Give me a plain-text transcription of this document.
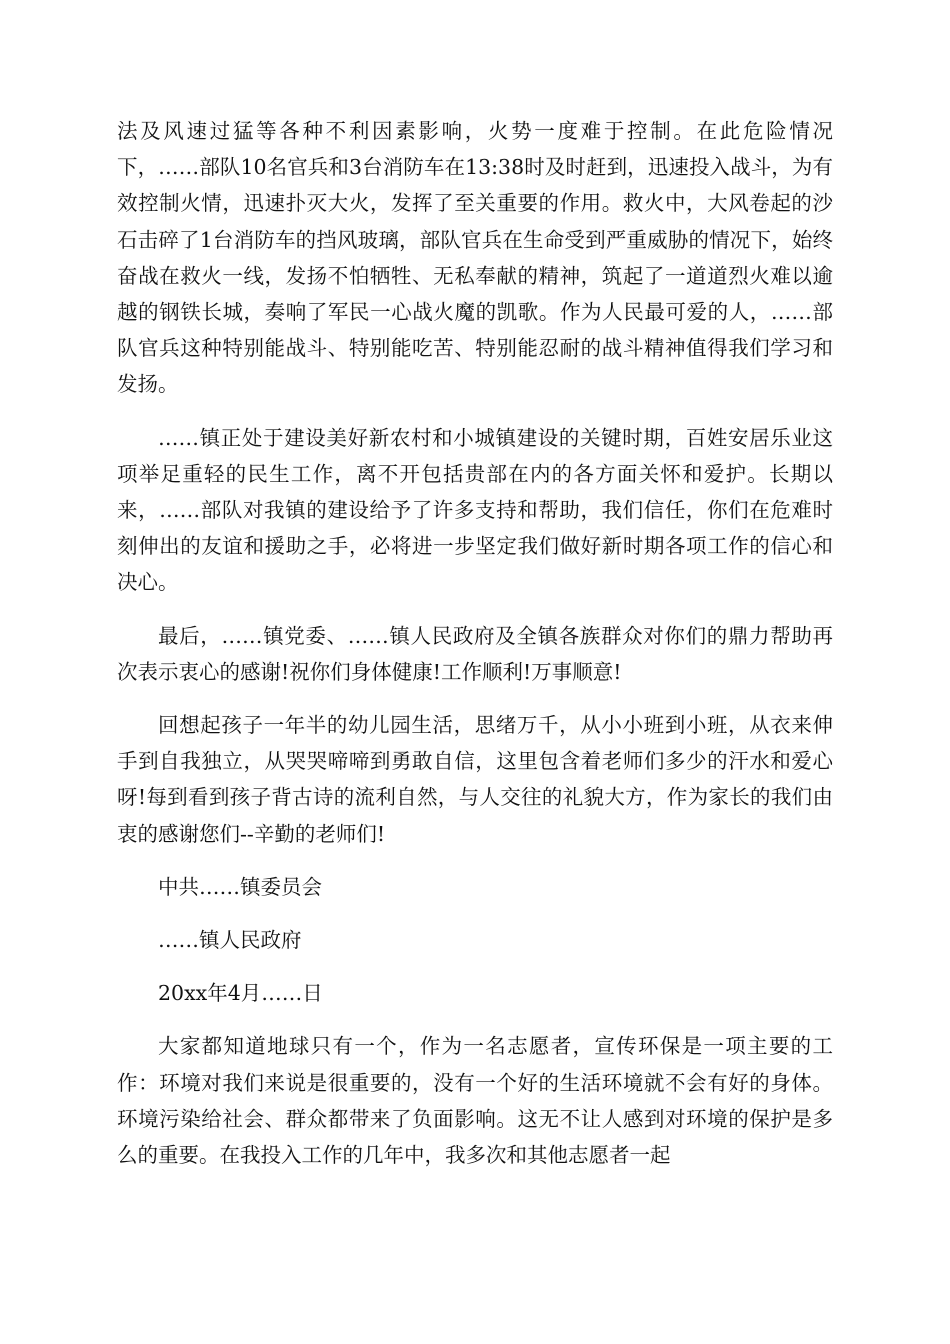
法及风速过猛等各种不利因素影响，火势一度难于控制。在此危险情况下，……部队10名官兵和3台消防车在13:38时及时赶到，迅速投入战斗，为有效控制火情，迅速扑灭大火，发挥了至关重要的作用。救火中，大风卷起的沙石击碎了1台消防车的挡风玻璃，部队官兵在生命受到严重威胁的情况下，始终奋战在救火一线，发扬不怕牺牲、无私奉献的精神，筑起了一道道烈火难以逾越的钢铁长城，奏响了军民一心战火魔的凯歌。作为人民最可爱的人，……部队官兵这种特别能战斗、特别能吃苦、特别能忍耐的战斗精神值得我们学习和发扬。

……镇正处于建设美好新农村和小城镇建设的关键时期，百姓安居乐业这项举足重轻的民生工作，离不开包括贵部在内的各方面关怀和爱护。长期以来，……部队对我镇的建设给予了许多支持和帮助，我们信任，你们在危难时刻伸出的友谊和援助之手，必将进一步坚定我们做好新时期各项工作的信心和决心。

最后，……镇党委、……镇人民政府及全镇各族群众对你们的鼎力帮助再次表示衷心的感谢!祝你们身体健康!工作顺利!万事顺意!

回想起孩子一年半的幼儿园生活，思绪万千，从小小班到小班，从衣来伸手到自我独立，从哭哭啼啼到勇敢自信，这里包含着老师们多少的汗水和爱心呀!每到看到孩子背古诗的流利自然，与人交往的礼貌大方，作为家长的我们由衷的感谢您们--辛勤的老师们!

中共……镇委员会

……镇人民政府

20xx年4月……日

大家都知道地球只有一个，作为一名志愿者，宣传环保是一项主要的工作：环境对我们来说是很重要的，没有一个好的生活环境就不会有好的身体。环境污染给社会、群众都带来了负面影响。这无不让人感到对环境的保护是多么的重要。在我投入工作的几年中，我多次和其他志愿者一起
